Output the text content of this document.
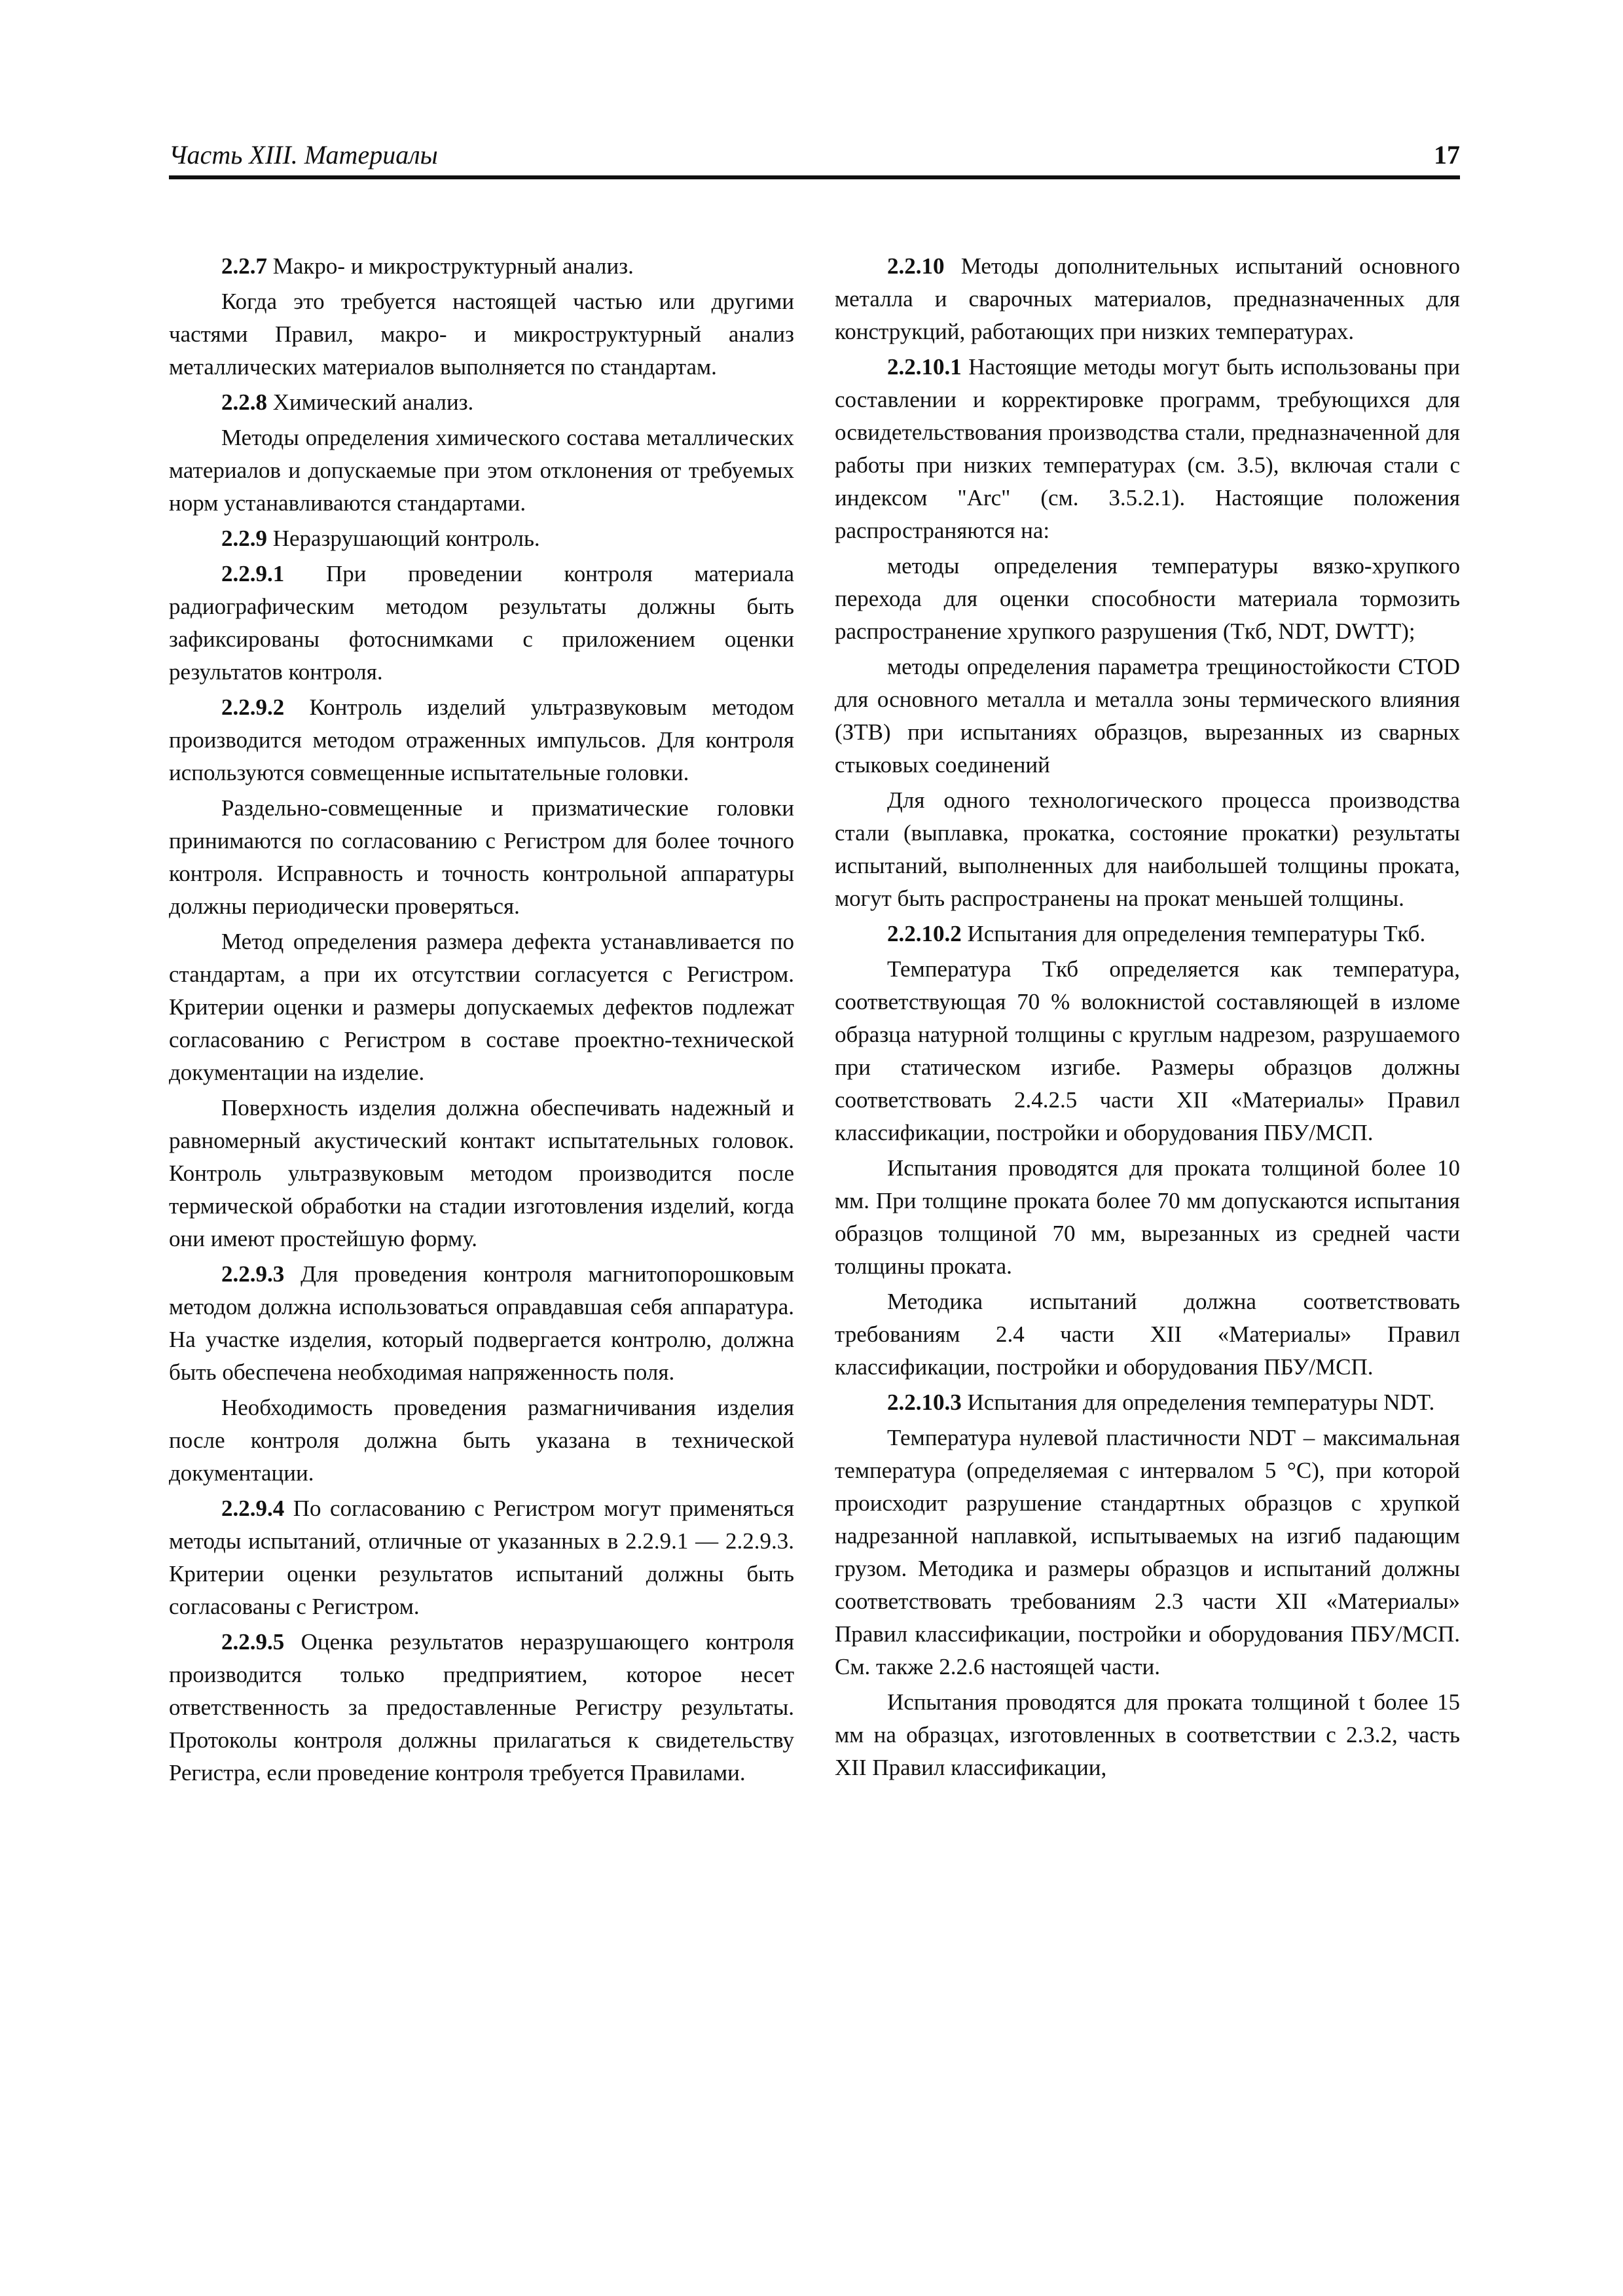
Часть XIII. Материалы	17

2.2.7 Макро- и микроструктурный анализ.

Когда это требуется настоящей частью или другими частями Правил, макро- и микроструктурный анализ металлических материалов выполняется по стандартам.

2.2.8 Химический анализ.

Методы определения химического состава металлических материалов и допускаемые при этом отклонения от требуемых норм устанавливаются стандартами.

2.2.9 Неразрушающий контроль.

2.2.9.1 При проведении контроля материала радиографическим методом результаты должны быть зафиксированы фотоснимками с приложением оценки результатов контроля.

2.2.9.2 Контроль изделий ультразвуковым методом производится методом отраженных импульсов. Для контроля используются совмещенные испытательные головки.

Раздельно-совмещенные и призматические головки принимаются по согласованию с Регистром для более точного контроля. Исправность и точность контрольной аппаратуры должны периодически проверяться.

Метод определения размера дефекта устанавливается по стандартам, а при их отсутствии согласуется с Регистром. Критерии оценки и размеры допускаемых дефектов подлежат согласованию с Регистром в составе проектно-технической документации на изделие.

Поверхность изделия должна обеспечивать надежный и равномерный акустический контакт испытательных головок. Контроль ультразвуковым методом производится после термической обработки на стадии изготовления изделий, когда они имеют простейшую форму.

2.2.9.3 Для проведения контроля магнитопорошковым методом должна использоваться оправдавшая себя аппаратура. На участке изделия, который подвергается контролю, должна быть обеспечена необходимая напряженность поля.

Необходимость проведения размагничивания изделия после контроля должна быть указана в технической документации.

2.2.9.4 По согласованию с Регистром могут применяться методы испытаний, отличные от указанных в 2.2.9.1 — 2.2.9.3. Критерии оценки результатов испытаний должны быть согласованы с Регистром.

2.2.9.5 Оценка результатов неразрушающего контроля производится только предприятием, которое несет ответственность за предоставленные Регистру результаты. Протоколы контроля должны прилагаться к свидетельству Регистра, если проведение контроля требуется Правилами.

2.2.10 Методы дополнительных испытаний основного металла и сварочных материалов, предназначенных для конструкций, работающих при низких температурах.

2.2.10.1 Настоящие методы могут быть использованы при составлении и корректировке программ, требующихся для освидетельствования производства стали, предназначенной для работы при низких температурах (см. 3.5), включая стали с индексом "Arc" (см. 3.5.2.1). Настоящие положения распространяются на:

методы определения температуры вязко-хрупкого перехода для оценки способности материала тормозить распространение хрупкого разрушения (Tкб, NDT, DWTT);

методы определения параметра трещиностойкости CTOD для основного металла и металла зоны термического влияния (ЗТВ) при испытаниях образцов, вырезанных из сварных стыковых соединений

Для одного технологического процесса производства стали (выплавка, прокатка, состояние прокатки) результаты испытаний, выполненных для наибольшей толщины проката, могут быть распространены на прокат меньшей толщины.

2.2.10.2 Испытания для определения температуры Tкб.

Температура Tкб определяется как температура, соответствующая 70 % волокнистой составляющей в изломе образца натурной толщины с круглым надрезом, разрушаемого при статическом изгибе. Размеры образцов должны соответствовать 2.4.2.5 части XII «Материалы» Правил классификации, постройки и оборудования ПБУ/МСП.

Испытания проводятся для проката толщиной более 10 мм. При толщине проката более 70 мм допускаются испытания образцов толщиной 70 мм, вырезанных из средней части толщины проката.

Методика испытаний должна соответствовать требованиям 2.4 части XII «Материалы» Правил классификации, постройки и оборудования ПБУ/МСП.

2.2.10.3 Испытания для определения температуры NDT.

Температура нулевой пластичности NDT – максимальная температура (определяемая с интервалом 5 °С), при которой происходит разрушение стандартных образцов с хрупкой надрезанной наплавкой, испытываемых на изгиб падающим грузом. Методика и размеры образцов и испытаний должны соответствовать требованиям 2.3 части XII «Материалы» Правил классификации, постройки и оборудования ПБУ/МСП. См. также 2.2.6 настоящей части.

Испытания проводятся для проката толщиной t более 15 мм на образцах, изготовленных в соответствии с 2.3.2, часть XII Правил классификации,
